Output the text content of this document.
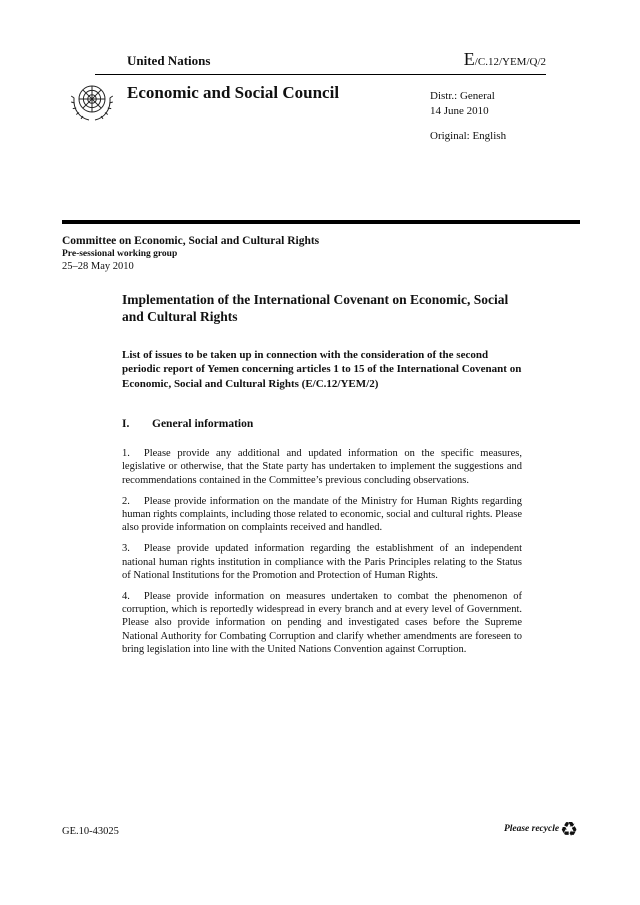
United Nations	E/C.12/YEM/Q/2
Economic and Social Council	Distr.: General
14 June 2010
Original: English
Committee on Economic, Social and Cultural Rights
Pre-sessional working group
25–28 May 2010
Implementation of the International Covenant on Economic, Social and Cultural Rights
List of issues to be taken up in connection with the consideration of the second periodic report of Yemen concerning articles 1 to 15 of the International Covenant on Economic, Social and Cultural Rights (E/C.12/YEM/2)
I.	General information
1. Please provide any additional and updated information on the specific measures, legislative or otherwise, that the State party has undertaken to implement the suggestions and recommendations contained in the Committee’s previous concluding observations.
2. Please provide information on the mandate of the Ministry for Human Rights regarding human rights complaints, including those related to economic, social and cultural rights. Please also provide information on complaints received and handled.
3. Please provide updated information regarding the establishment of an independent national human rights institution in compliance with the Paris Principles relating to the Status of National Institutions for the Promotion and Protection of Human Rights.
4. Please provide information on measures undertaken to combat the phenomenon of corruption, which is reportedly widespread in every branch and at every level of Government. Please also provide information on pending and investigated cases before the Supreme National Authority for Combating Corruption and clarify whether amendments are foreseen to bring legislation into line with the United Nations Convention against Corruption.
GE.10-43025	Please recycle ♻
